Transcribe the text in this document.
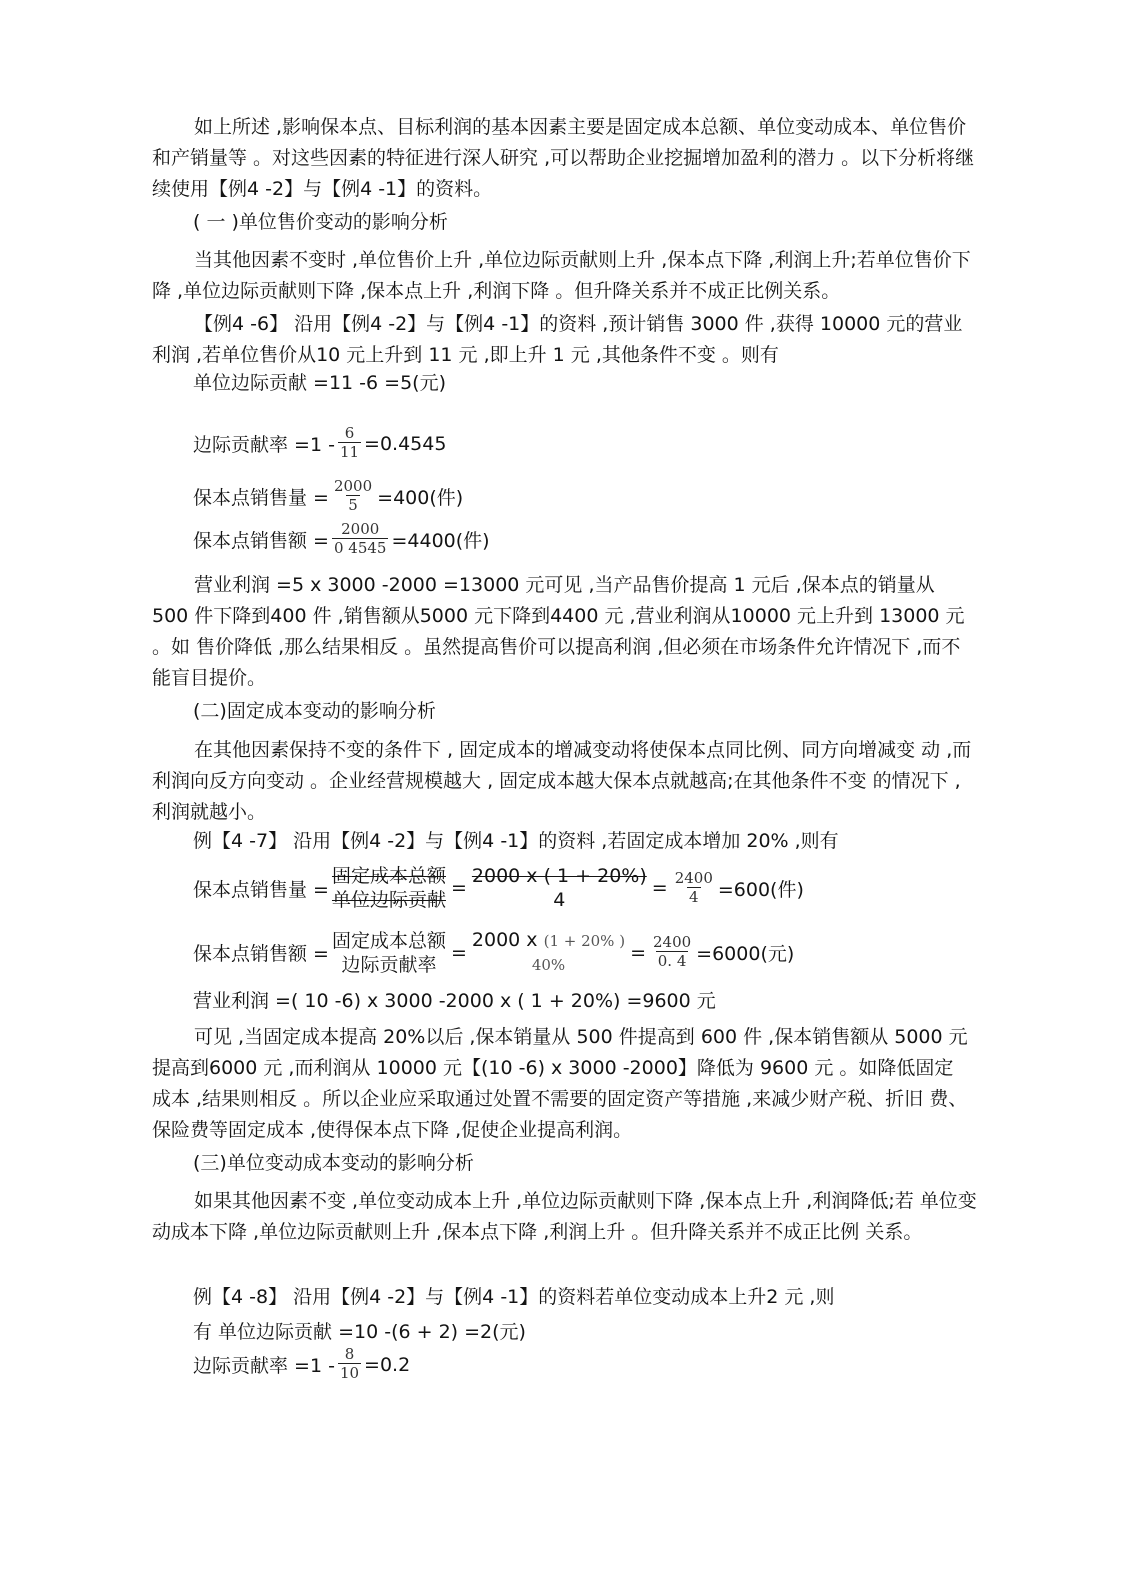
如上所述 ,影响保本点、目标利润的基本因素主要是固定成本总额、单位变动成本、单位售价和产销量等 。对这些因素的特征进行深人研究 ,可以帮助企业挖掘增加盈利的潜力 。以下分析将继续使用【例4 -2】与【例4 -1】的资料。

( 一 )单位售价变动的影响分析

当其他因素不变时 ,单位售价上升 ,单位边际贡献则上升 ,保本点下降 ,利润上升;若单位售价下降 ,单位边际贡献则下降 ,保本点上升 ,利润下降 。但升降关系并不成正比例关系。

【例4 -6】 沿用【例4 -2】与【例4 -1】的资料 ,预计销售 3000 件 ,获得 10000 元的营业利润 ,若单位售价从10 元上升到 11 元 ,即上升 1 元 ,其他条件不变 。则有

单位边际贡献 =11 -6 =5(元)
边际贡献率 $=1 - \frac{6}{11} =0.4545$
保本点销售量 = $\frac{2000}{5} =400$(件)
保本点销售额 = $\frac{2000}{0 4545} =4400$(件)

营业利润 =5 x 3000 -2000 =13000 元可见 ,当产品售价提高 1 元后 ,保本点的销量从 500 件下降到400 件 ,销售额从5000 元下降到4400 元 ,营业利润从10000 元上升到 13000 元 。如 售价降低 ,那么结果相反 。虽然提高售价可以提高利润 ,但必须在市场条件允许情况下 ,而不 能盲目提价。

(二)固定成本变动的影响分析

在其他因素保持不变的条件下 , 固定成本的增减变动将使保本点同比例、同方向增减变 动 ,而利润向反方向变动 。企业经营规模越大 , 固定成本越大保本点就越高;在其他条件不变 的情况下 ,利润就越小。

例【4 -7】 沿用【例4 -2】与【例4 -1】的资料 ,若固定成本增加 20% ,则有
保本点销售量 =
固定成本总额
单位边际贡献
=
2000 x ( 1 + 20%)
4
= $\frac{2400}{4} =600$(件)
保本点销售额 =
固定成本总额
边际贡献率
=
2000 x (1 + 20% )
40%
= $\frac{2400}{0. 4} =6000$(元)
营业利润 =( 10 -6) x 3000 -2000 x ( 1 + 20%) =9600 元

可见 ,当固定成本提高 20%以后 ,保本销量从 500 件提高到 600 件 ,保本销售额从 5000 元提高到6000 元 ,而利润从 10000 元【(10 -6) x 3000 -2000】降低为 9600 元 。如降低固定 成本 ,结果则相反 。所以企业应采取通过处置不需要的固定资产等措施 ,来减少财产税、折旧 费、保险费等固定成本 ,使得保本点下降 ,促使企业提高利润。

(三)单位变动成本变动的影响分析

如果其他因素不变 ,单位变动成本上升 ,单位边际贡献则下降 ,保本点上升 ,利润降低;若 单位变动成本下降 ,单位边际贡献则上升 ,保本点下降 ,利润上升 。但升降关系并不成正比例 关系。

例【4 -8】 沿用【例4 -2】与【例4 -1】的资料若单位变动成本上升2 元 ,则
有 单位边际贡献 =10 -(6 + 2) =2(元)
边际贡献率 $=1 - \frac{8}{10} =0.2$
